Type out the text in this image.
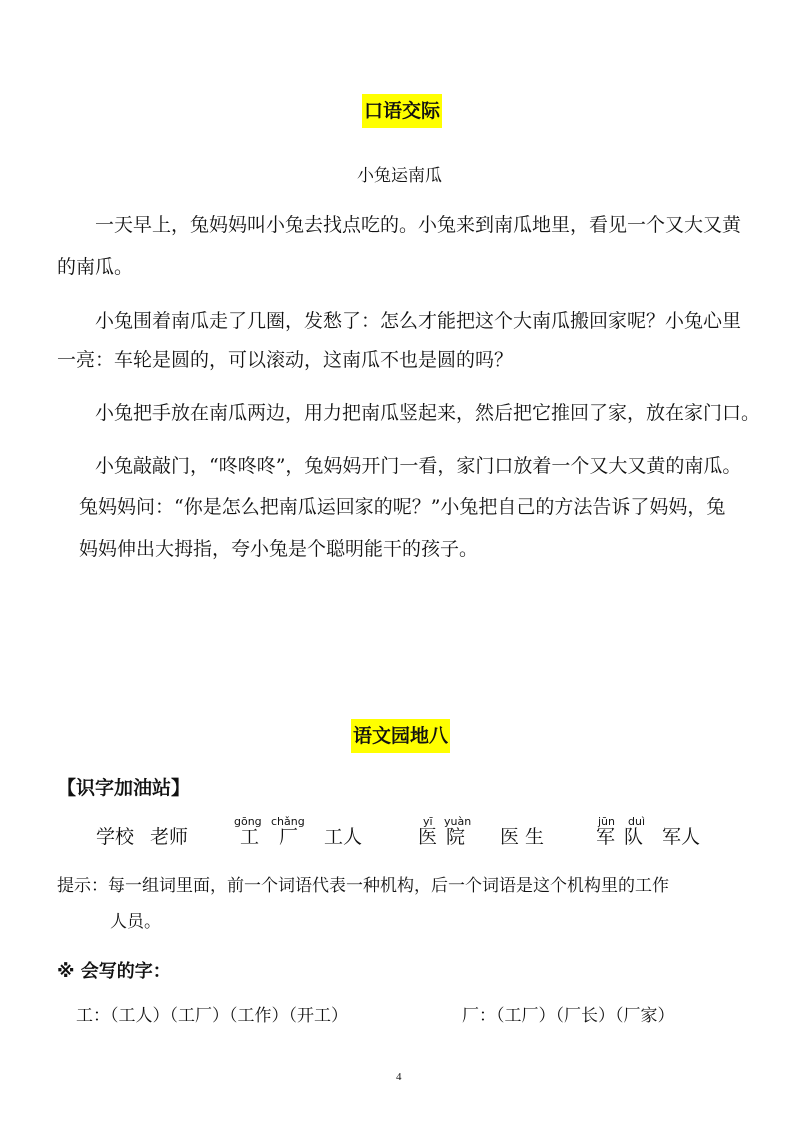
口语交际
小兔运南瓜
一天早上，兔妈妈叫小兔去找点吃的。小兔来到南瓜地里，看见一个又大又黄
的南瓜。
小兔围着南瓜走了几圈，发愁了：怎么才能把这个大南瓜搬回家呢？小兔心里
一亮：车轮是圆的，可以滚动，这南瓜不也是圆的吗？
小兔把手放在南瓜两边，用力把南瓜竖起来，然后把它推回了家，放在家门口。
小兔敲敲门，“咚咚咚”，兔妈妈开门一看，家门口放着一个又大又黄的南瓜。
兔妈妈问：“你是怎么把南瓜运回家的呢？”小兔把自己的方法告诉了妈妈，兔
妈妈伸出大拇指，夸小兔是个聪明能干的孩子。
语文园地八
【识字加油站】
学校 老师
gōng
工
chǎng
厂 工人
yī
医
yuàn
院 医 生
jūn
军
duì
队 军人
提示：每一组词里面，前一个词语代表一种机构，后一个词语是这个机构里的工作
人员。
※ 会写的字：
工：（工人）（工厂）（工作）（开工）	厂：（工厂）（厂长）（厂家）
4
